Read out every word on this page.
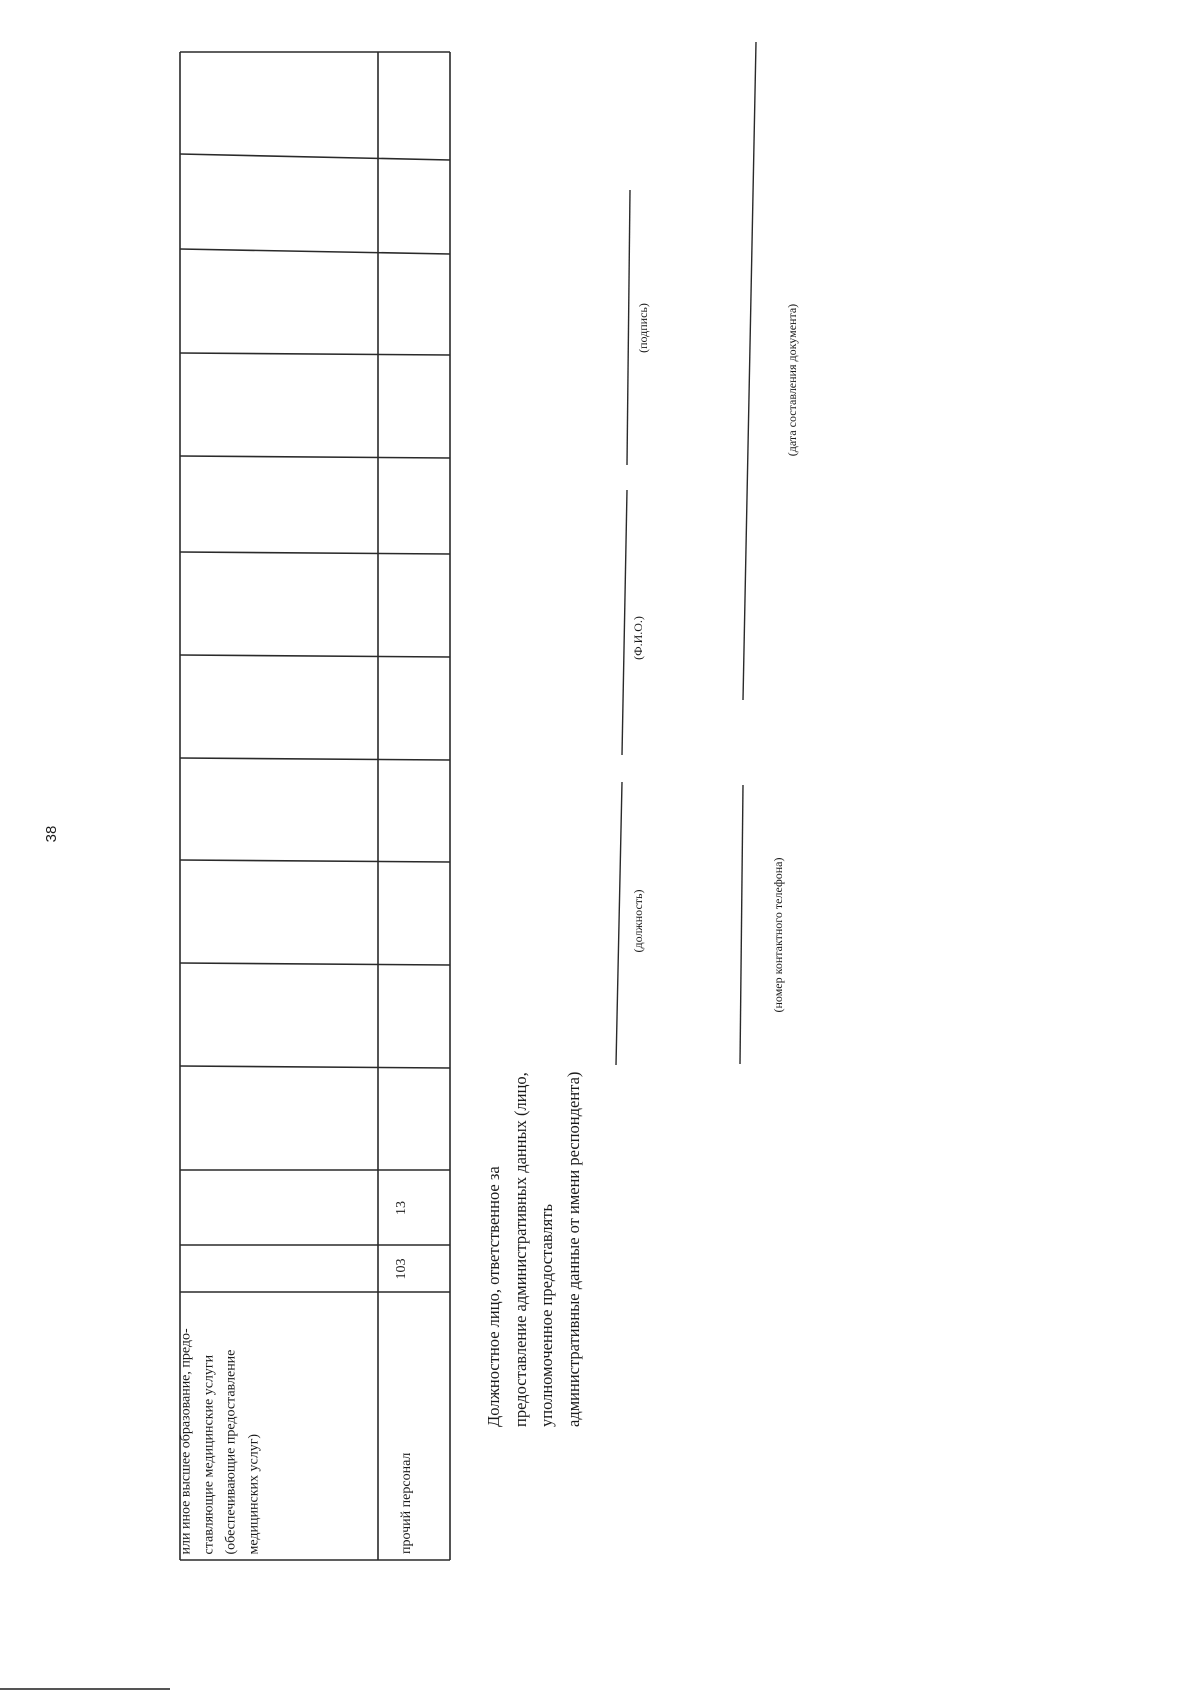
38
или иное высшее образование, предо-ставляющие медицинские услуги (обеспечивающие предоставление медицинских услуг)	прочий персонал
103
13	Должностное лицо, ответственное за предоставление административных данных (лицо, уполномоченное предоставлять административные данные от имени респондента)
(должность)
(Ф.И.О.)
(подпись)
(номер контактного телефона)
(дата составления документа)
